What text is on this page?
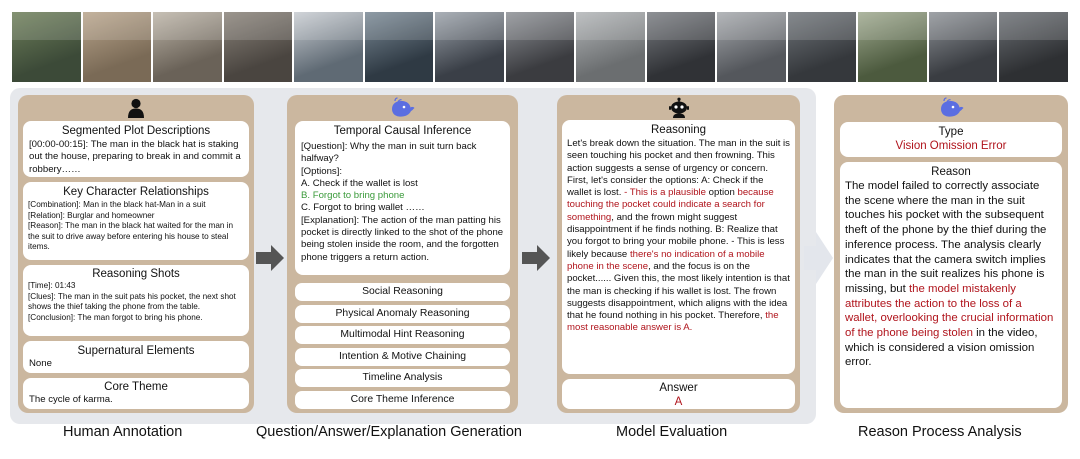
Segmented Plot Descriptions
[00:00-00:15]: The man in the black hat is staking out the house, preparing to break in and commit a robbery……
Key Character Relationships
[Combination]: Man in the black hat-Man in a suit
[Relation]: Burglar and homeowner
[Reason]: The man in the black hat waited for the man in the suit to drive away before entering his house to steal items.
Reasoning Shots
[Time]: 01:43
[Clues]: The man in the suit pats his pocket, the next shot shows the thief taking the phone from the table.
[Conclusion]: The man forgot to bring his phone.
Supernatural Elements
None
Core Theme
The cycle of karma.
Temporal Causal Inference
[Question]: Why the man in suit turn back halfway?
[Options]:
A. Check if the wallet is lost
B. Forgot to bring phone
C. Forgot to bring wallet ……
[Explanation]: The action of the man patting his pocket is directly linked to the shot of the phone being stolen inside the room, and the forgotten phone triggers a return action.
Social Reasoning
Physical Anomaly Reasoning
Multimodal Hint Reasoning
Intention & Motive Chaining
Timeline Analysis
Core Theme Inference
Reasoning
Let's break down the situation. The man in the suit is seen touching his pocket and then frowning. This action suggests a sense of urgency or concern. First, let's consider the options: A: Check if the wallet is lost. - This is a plausible option because touching the pocket could indicate a search for something, and the frown might suggest disappointment if he finds nothing. B: Realize that you forgot to bring your mobile phone. - This is less likely because there's no indication of a mobile phone in the scene, and the focus is on the pocket...... Given this, the most likely intention is that the man is checking if his wallet is lost. The frown suggests disappointment, which aligns with the idea that he found nothing in his pocket. Therefore, the most reasonable answer is A.
Answer
A
Type
Vision Omission Error
Reason
The model failed to correctly associate the scene where the man in the suit touches his pocket with the subsequent theft of the phone by the thief during the inference process. The analysis clearly indicates that the camera switch implies the man in the suit realizes his phone is missing, but the model mistakenly attributes the action to the loss of a wallet, overlooking the crucial information of the phone being stolen in the video, which is considered a vision omission error.
Human Annotation	Question/Answer/Explanation Generation	Model Evaluation	Reason Process Analysis
